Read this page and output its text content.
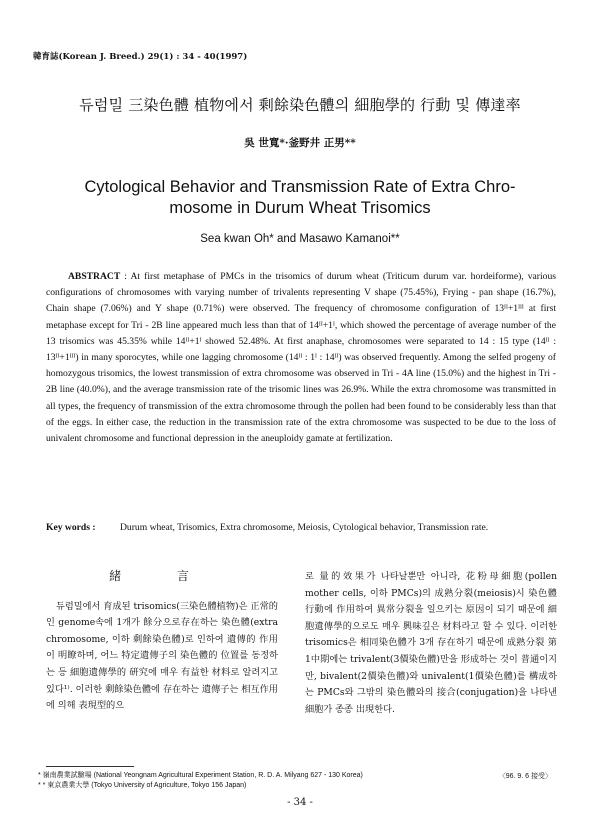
韓育誌(Korean J. Breed.) 29(1) : 34 - 40(1997)
듀럼밀 三染色體 植物에서 剩餘染色體의 細胞學的 行動 및 傳達率
吳 世寬*·釜野井 正男**
Cytological Behavior and Transmission Rate of Extra Chro-
mosome in Durum Wheat Trisomics
Sea kwan Oh* and Masawo Kamanoi**
ABSTRACT : At first metaphase of PMCs in the trisomics of durum wheat (Triticum durum var. hordeiforme), various configurations of chromosomes with varying number of trivalents representing V shape (75.45%), Frying - pan shape (16.7%), Chain shape (7.06%) and Y shape (0.71%) were observed. The frequency of chromosome configuration of 13ᴵᴵ+1ᴵᴵᴵ at first metaphase except for Tri - 2B line appeared much less than that of 14ᴵᴵ+1ᴵ, which showed the percentage of average number of the 13 trisomics was 45.35% while 14ᴵᴵ+1ᴵ showed 52.48%. At first anaphase, chromosomes were separated to 14 : 15 type (14ᴵᴵ : 13ᴵᴵ+1ᴵᴵᴵ) in many sporocytes, while one lagging chromosome (14ᴵᴵ : 1ᴵ : 14ᴵᴵ) was observed frequently. Among the selfed progeny of homozygous trisomics, the lowest transmission of extra chromosome was observed in Tri - 4A line (15.0%) and the highest in Tri - 2B line (40.0%), and the average transmission rate of the trisomic lines was 26.9%. While the extra chromosome was transmitted in all types, the frequency of transmission of the extra chromosome through the pollen had been found to be considerably less than that of the eggs. In either case, the reduction in the transmission rate of the extra chromosome was suspected to be due to the loss of univalent chromosome and functional depression in the aneuploidy gamate at fertilization.
Key words :	Durum wheat, Trisomics, Extra chromosome, Meiosis, Cytological behavior, Transmission rate.
緒 言

듀럼밀에서 育成된 trisomics(三染色體植物)은 正常的인 genome속에 1개가 餘分으로存在하는 染色體(extra chromosome, 이하 剩餘染色體)로 인하여 遺傳的 作用이 明瞭하며, 어느 特定遺傳子의 染色體的 位置를 동정하는 등 細胞遺傳學的 硏究에 매우 有益한 材料로 알려지고 있다¹⁾. 이러한 剩餘染色體에 存在하는 遺傳子는 相互作用에 의해 表現型的으

로 量的效果가 나타날뿐만 아니라, 花粉母細胞(pollen mother cells, 이하 PMCs)의 成熟分裂(meiosis)시 染色體行動에 作用하여 異常分裂을 일으키는 原因이 되기 때문에 細胞遺傳學的으로도 매우 興味깊은 材料라고 할 수 있다. 이러한 trisomics은 相同染色體가 3개 存在하기 때문에 成熟分裂 第1中期에는 trivalent(3價染色體)만을 形成하는 것이 普通이지만, bivalent(2價染色體)와 univalent(1價染色體)를 構成하는 PMCs와 그밖의 染色體와의 接合(conjugation)을 나타낸 細胞가 종종 出現한다.

* 嶺南農業試驗場 (National Yeongnam Agricultural Experiment Station, R. D. A. Milyang 627 - 130 Korea)
* * 東京農業大學 (Tokyo University of Agriculture, Tokyo 156 Japan)
〈96. 9. 6 接受〉
- 34 -
